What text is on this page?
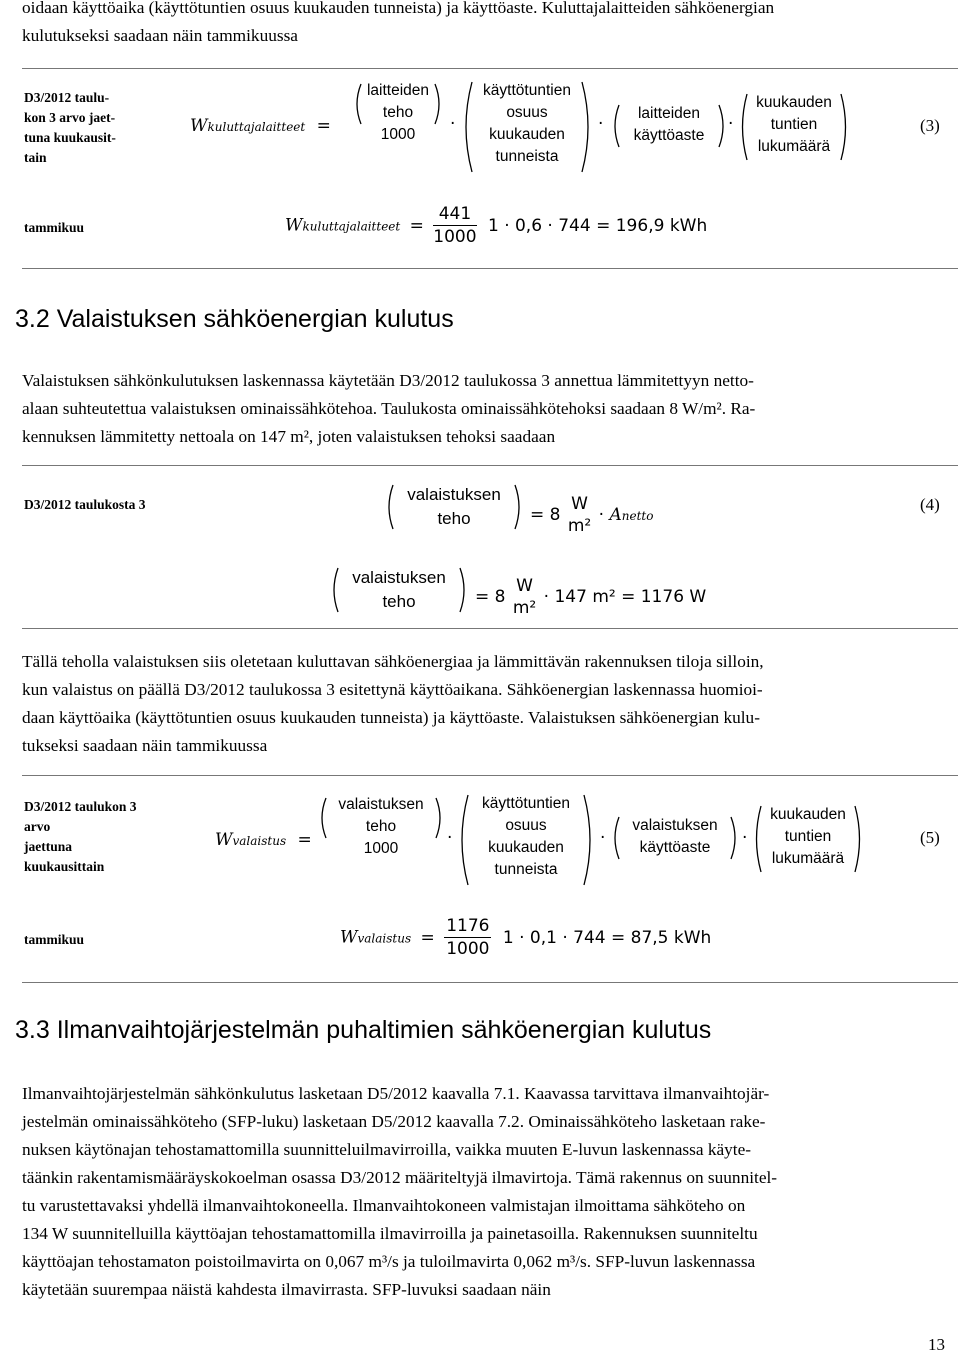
oidaan käyttöaika (käyttötuntien osuus kuukauden tunneista) ja käyttöaste. Kuluttajalaitteiden sähköenergian
kulutukseksi saadaan näin tammikuussa
D3/2012 taulu-
kon 3 arvo jaet-
tuna kuukausit-
tain
Wkuluttajalaitteet =
laitteiden
teho
1000
·
käyttötuntien
osuus
kuukauden
tunneista
·
laitteiden
käyttöaste
·
kuukauden
tuntien
lukumäärä
(3)
tammikuu	Wkuluttajalaitteet = $\frac{441}{1000} 1 \cdot 0,6 \cdot 744 = 196,9$ kWh
3.2 Valaistuksen sähköenergian kulutus
Valaistuksen sähkönkulutuksen laskennassa käytetään D3/2012 taulukossa 3 annettua lämmitettyyn netto-
alaan suhteutettua valaistuksen ominaissähkötehoa. Taulukosta ominaissähkötehoksi saadaan 8 W/m². Ra-
kennuksen lämmitetty nettoala on 147 m², joten valaistuksen tehoksi saadaan
D3/2012 taulukosta 3
valaistuksen
teho	= 8
W
m²
· Anetto
(4)
valaistuksen
teho	= 8
W
m²
· 147 m² = 1176 W
Tällä teholla valaistuksen siis oletetaan kuluttavan sähköenergiaa ja lämmittävän rakennuksen tiloja silloin,
kun valaistus on päällä D3/2012 taulukossa 3 esitettynä käyttöaikana. Sähköenergian laskennassa huomioi-
daan käyttöaika (käyttötuntien osuus kuukauden tunneista) ja käyttöaste. Valaistuksen sähköenergian kulu-
tukseksi saadaan näin tammikuussa
D3/2012 taulukon 3
arvo
jaettuna
kuukausittain
Wvalaistus =
valaistuksen
teho
1000
·
käyttötuntien
osuus
kuukauden
tunneista
·
valaistuksen
käyttöaste	·
kuukauden
tuntien
lukumäärä
(5)
tammikuu	Wvalaistus = $\frac{1176}{1000} 1 \cdot 0,1 \cdot 744 = 87,5$ kWh
3.3 Ilmanvaihtojärjestelmän puhaltimien sähköenergian kulutus
Ilmanvaihtojärjestelmän sähkönkulutus lasketaan D5/2012 kaavalla 7.1. Kaavassa tarvittava ilmanvaihtojär-
jestelmän ominaissähköteho (SFP-luku) lasketaan D5/2012 kaavalla 7.2. Ominaissähköteho lasketaan rake-
nuksen käytönajan tehostamattomilla suunnitteluilmavirroilla, vaikka muuten E-luvun laskennassa käyte-
täänkin rakentamismääräyskokoelman osassa D3/2012 määriteltyjä ilmavirtoja. Tämä rakennus on suunnitel-
tu varustettavaksi yhdellä ilmanvaihtokoneella. Ilmanvaihtokoneen valmistajan ilmoittama sähköteho on
134 W suunnitelluilla käyttöajan tehostamattomilla ilmavirroilla ja painetasoilla. Rakennuksen suunniteltu
käyttöajan tehostamaton poistoilmavirta on 0,067 m³/s ja tuloilmavirta 0,062 m³/s. SFP-luvun laskennassa
käytetään suurempaa näistä kahdesta ilmavirrasta. SFP-luvuksi saadaan näin
13
